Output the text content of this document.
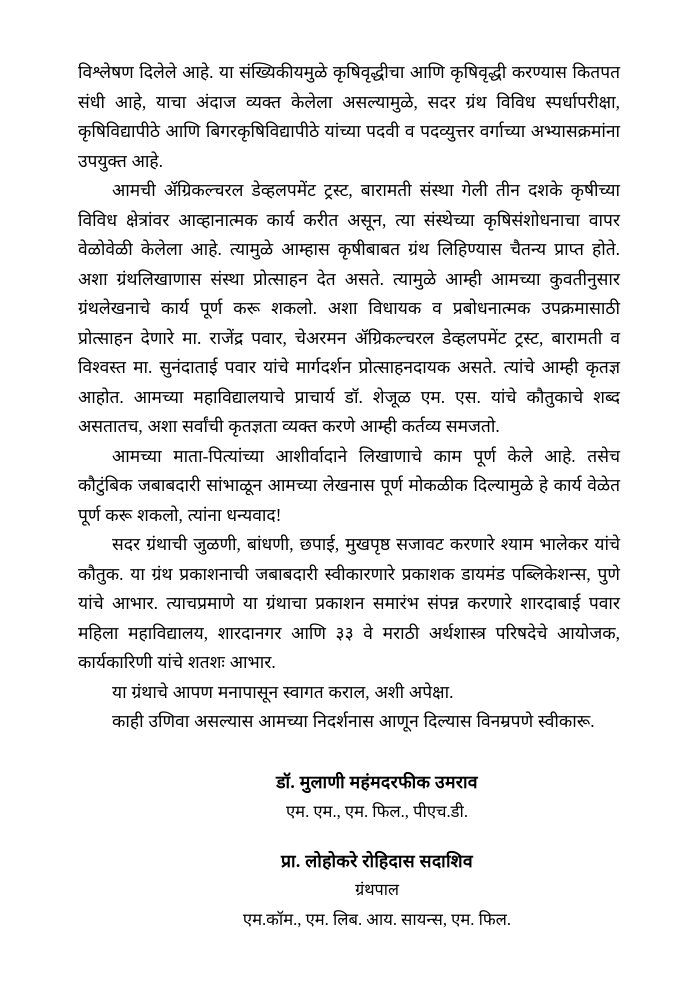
विश्लेषण दिलेले आहे. या संख्यिकीयमुळे कृषिवृद्धीचा आणि कृषिवृद्धी करण्यास कितपत संधी आहे, याचा अंदाज व्यक्त केलेला असल्यामुळे, सदर ग्रंथ विविध स्पर्धापरीक्षा, कृषिविद्यापीठे आणि बिगरकृषिविद्यापीठे यांच्या पदवी व पदव्युत्तर वर्गाच्या अभ्यासक्रमांना उपयुक्त आहे.

आमची ॲग्रिकल्चरल डेव्हलपमेंट ट्रस्ट, बारामती संस्था गेली तीन दशके कृषीच्या विविध क्षेत्रांवर आव्हानात्मक कार्य करीत असून, त्या संस्थेच्या कृषिसंशोधनाचा वापर वेळोवेळी केलेला आहे. त्यामुळे आम्हास कृषीबाबत ग्रंथ लिहिण्यास चैतन्य प्राप्त होते. अशा ग्रंथलिखाणास संस्था प्रोत्साहन देत असते. त्यामुळे आम्ही आमच्या कुवतीनुसार ग्रंथलेखनाचे कार्य पूर्ण करू शकलो. अशा विधायक व प्रबोधनात्मक उपक्रमासाठी प्रोत्साहन देणारे मा. राजेंद्र पवार, चेअरमन ॲग्रिकल्चरल डेव्हलपमेंट ट्रस्ट, बारामती व विश्वस्त मा. सुनंदाताई पवार यांचे मार्गदर्शन प्रोत्साहनदायक असते. त्यांचे आम्ही कृतज्ञ आहोत. आमच्या महाविद्यालयाचे प्राचार्य डॉ. शेजूळ एम. एस. यांचे कौतुकाचे शब्द असतातच, अशा सर्वांची कृतज्ञता व्यक्त करणे आम्ही कर्तव्य समजतो.

आमच्या माता-पित्यांच्या आशीर्वादाने लिखाणाचे काम पूर्ण केले आहे. तसेच कौटुंबिक जबाबदारी सांभाळून आमच्या लेखनास पूर्ण मोकळीक दिल्यामुळे हे कार्य वेळेत पूर्ण करू शकलो, त्यांना धन्यवाद!

सदर ग्रंथाची जुळणी, बांधणी, छपाई, मुखपृष्ठ सजावट करणारे श्याम भालेकर यांचे कौतुक. या ग्रंथ प्रकाशनाची जबाबदारी स्वीकारणारे प्रकाशक डायमंड पब्लिकेशन्स, पुणे यांचे आभार. त्याचप्रमाणे या ग्रंथाचा प्रकाशन समारंभ संपन्न करणारे शारदाबाई पवार महिला महाविद्यालय, शारदानगर आणि ३३ वे मराठी अर्थशास्त्र परिषदेचे आयोजक, कार्यकारिणी यांचे शतशः आभार.

या ग्रंथाचे आपण मनापासून स्वागत कराल, अशी अपेक्षा.

काही उणिवा असल्यास आमच्या निदर्शनास आणून दिल्यास विनम्रपणे स्वीकारू.

डॉ. मुलाणी महंमदरफीक उमराव
एम. एम., एम. फिल., पीएच.डी.
प्रा. लोहोकरे रोहिदास सदाशिव
ग्रंथपाल
एम.कॉम., एम. लिब. आय. सायन्स, एम. फिल.
